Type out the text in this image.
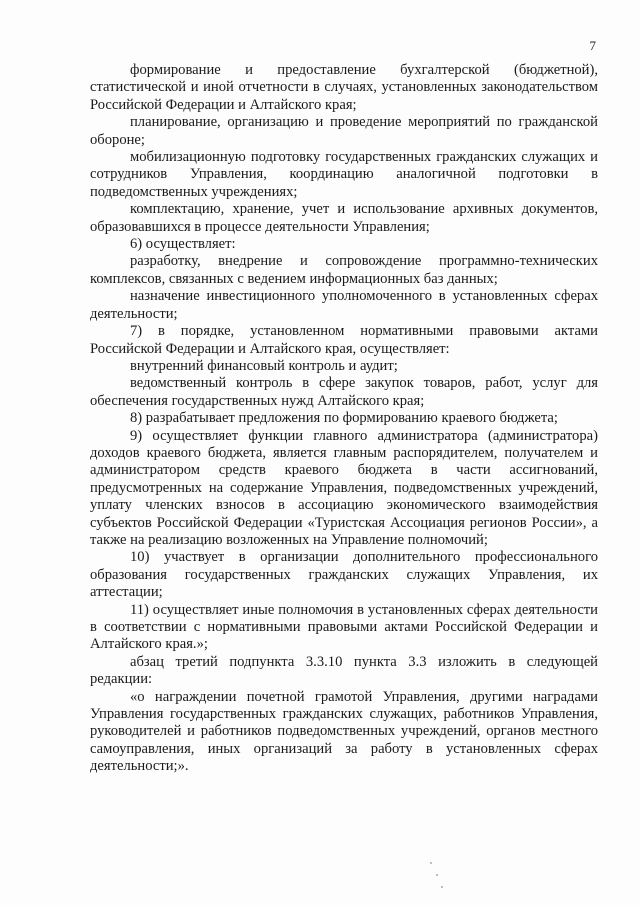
7

формирование и предоставление бухгалтерской (бюджетной), статистической и иной отчетности в случаях, установленных законодательством Российской Федерации и Алтайского края;

планирование, организацию и проведение мероприятий по гражданской обороне;

мобилизационную подготовку государственных гражданских служащих и сотрудников Управления, координацию аналогичной подготовки в подведомственных учреждениях;

комплектацию, хранение, учет и использование архивных документов, образовавшихся в процессе деятельности Управления;

6) осуществляет:

разработку, внедрение и сопровождение программно-технических комплексов, связанных с ведением информационных баз данных;

назначение инвестиционного уполномоченного в установленных сферах деятельности;

7) в порядке, установленном нормативными правовыми актами Российской Федерации и Алтайского края, осуществляет:

внутренний финансовый контроль и аудит;

ведомственный контроль в сфере закупок товаров, работ, услуг для обеспечения государственных нужд Алтайского края;

8) разрабатывает предложения по формированию краевого бюджета;

9) осуществляет функции главного администратора (администратора) доходов краевого бюджета, является главным распорядителем, получателем и администратором средств краевого бюджета в части ассигнований, предусмотренных на содержание Управления, подведомственных учреждений, уплату членских взносов в ассоциацию экономического взаимодействия субъектов Российской Федерации «Туристская Ассоциация регионов России», а также на реализацию возложенных на Управление полномочий;

10) участвует в организации дополнительного профессионального образования государственных гражданских служащих Управления, их аттестации;

11) осуществляет иные полномочия в установленных сферах деятельности в соответствии с нормативными правовыми актами Российской Федерации и Алтайского края.»;

абзац третий подпункта 3.3.10 пункта 3.3 изложить в следующей редакции:

«о награждении почетной грамотой Управления, другими наградами Управления государственных гражданских служащих, работников Управления, руководителей и работников подведомственных учреждений, органов местного самоуправления, иных организаций за работу в установленных сферах деятельности;».
